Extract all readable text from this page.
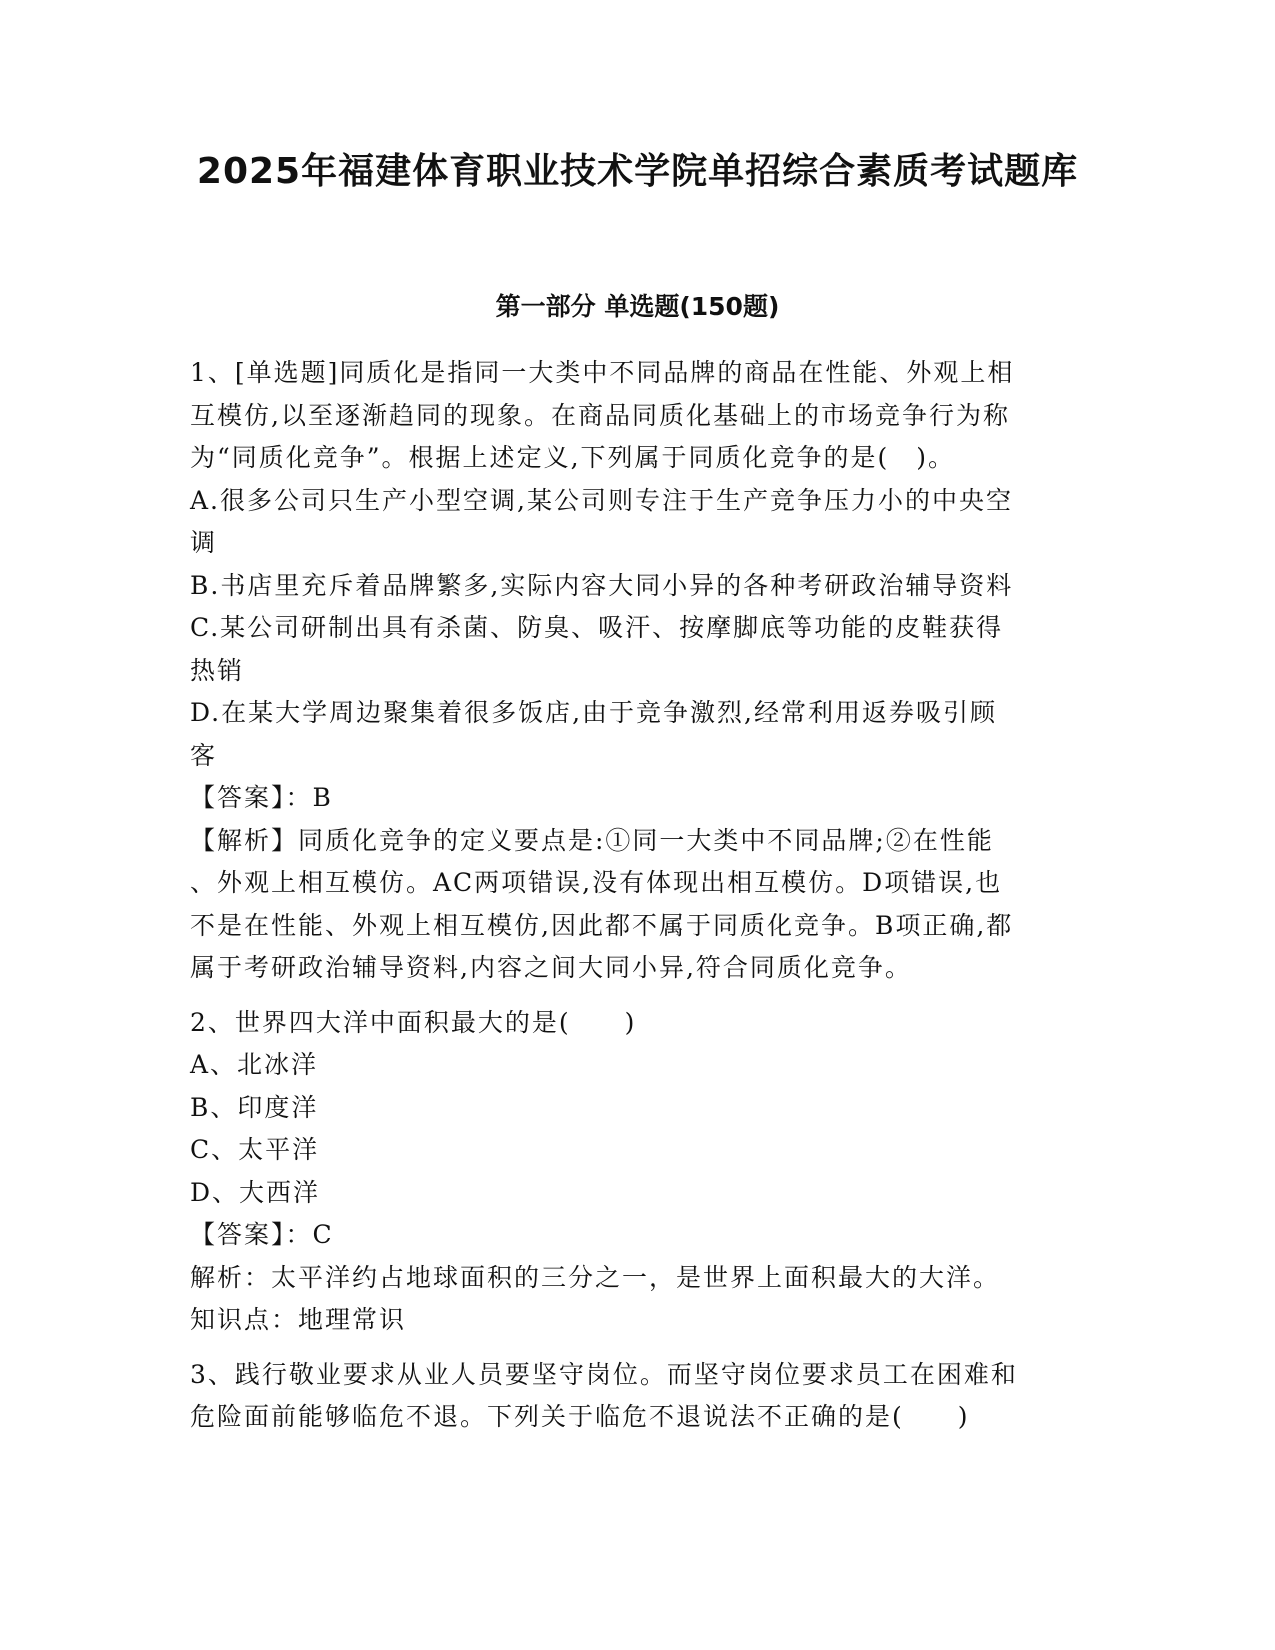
2025年福建体育职业技术学院单招综合素质考试题库
第一部分 单选题(150题)
1、[单选题]同质化是指同一大类中不同品牌的商品在性能、外观上相
互模仿,以至逐渐趋同的现象。在商品同质化基础上的市场竞争行为称
为“同质化竞争”。根据上述定义,下列属于同质化竞争的是(　)。
A.很多公司只生产小型空调,某公司则专注于生产竞争压力小的中央空
调
B.书店里充斥着品牌繁多,实际内容大同小异的各种考研政治辅导资料
C.某公司研制出具有杀菌、防臭、吸汗、按摩脚底等功能的皮鞋获得
热销
D.在某大学周边聚集着很多饭店,由于竞争激烈,经常利用返券吸引顾
客
【答案】：B
【解析】同质化竞争的定义要点是:①同一大类中不同品牌;②在性能
、外观上相互模仿。AC两项错误,没有体现出相互模仿。D项错误,也
不是在性能、外观上相互模仿,因此都不属于同质化竞争。B项正确,都
属于考研政治辅导资料,内容之间大同小异,符合同质化竞争。
2、世界四大洋中面积最大的是(　　)
A、北冰洋
B、印度洋
C、太平洋
D、大西洋
【答案】：C
解析：太平洋约占地球面积的三分之一，是世界上面积最大的大洋。
知识点：地理常识
3、践行敬业要求从业人员要坚守岗位。而坚守岗位要求员工在困难和
危险面前能够临危不退。下列关于临危不退说法不正确的是(　　)
